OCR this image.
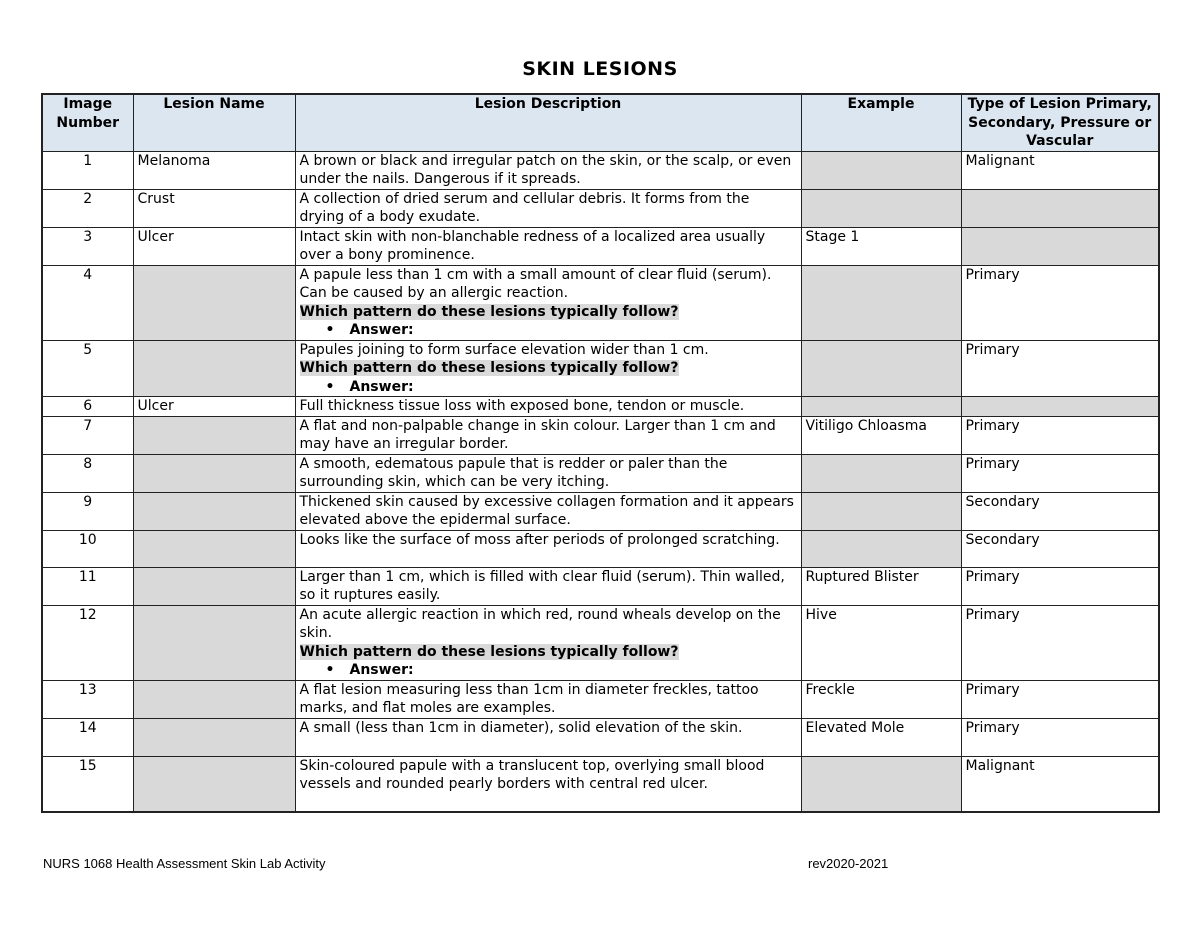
SKIN LESIONS
Image Number	Lesion Name	Lesion Description	Example	Type of Lesion Primary, Secondary, Pressure or Vascular
1	Melanoma	A brown or black and irregular patch on the skin, or the scalp, or even under the nails. Dangerous if it spreads.		Malignant
2	Crust	A collection of dried serum and cellular debris. It forms from the drying of a body exudate.		

3	Ulcer	Intact skin with non-blanchable redness of a localized area usually over a bony prominence.	Stage 1	
4		A papule less than 1 cm with a small amount of clear fluid (serum). Can be caused by an allergic reaction.
Which pattern do these lesions typically follow?
• Answer:		Primary
5		Papules joining to form surface elevation wider than 1 cm.
Which pattern do these lesions typically follow?
• Answer:		Primary
6	Ulcer	Full thickness tissue loss with exposed bone, tendon or muscle.		

7		A flat and non-palpable change in skin colour. Larger than 1 cm and may have an irregular border.	Vitiligo Chloasma	Primary
8		A smooth, edematous papule that is redder or paler than the surrounding skin, which can be very itching.		Primary
9		Thickened skin caused by excessive collagen formation and it appears elevated above the epidermal surface.		Secondary
10		Looks like the surface of moss after periods of prolonged scratching.		Secondary
11		Larger than 1 cm, which is filled with clear fluid (serum). Thin walled, so it ruptures easily.	Ruptured Blister	Primary
12		An acute allergic reaction in which red, round wheals develop on the skin.
Which pattern do these lesions typically follow?
• Answer:	Hive	Primary
13		A flat lesion measuring less than 1cm in diameter freckles, tattoo marks, and flat moles are examples.	Freckle	Primary
14		A small (less than 1cm in diameter), solid elevation of the skin.	Elevated Mole	Primary
15		Skin-coloured papule with a translucent top, overlying small blood vessels and rounded pearly borders with central red ulcer.		Malignant
NURS 1068 Health Assessment Skin Lab Activity	rev2020-2021
